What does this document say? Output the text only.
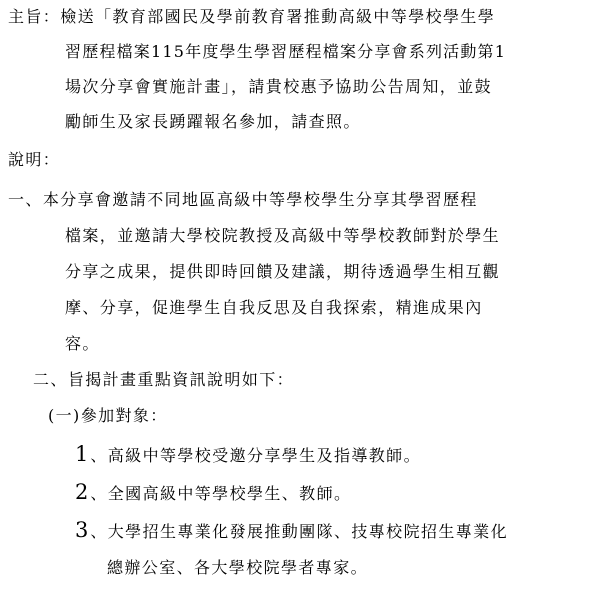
主旨：檢送「教育部國民及學前教育署推動高級中等學校學生學
習歷程檔案115年度學生學習歷程檔案分享會系列活動第1
場次分享會實施計畫」，請貴校惠予協助公告周知，並鼓
勵師生及家長踴躍報名參加，請查照。
說明：
一、本分享會邀請不同地區高級中等學校學生分享其學習歷程
檔案，並邀請大學校院教授及高級中等學校教師對於學生
分享之成果，提供即時回饋及建議，期待透過學生相互觀
摩、分享，促進學生自我反思及自我探索，精進成果內
容。
二、旨揭計畫重點資訊說明如下：
(一)參加對象：
1 、高級中等學校受邀分享學生及指導教師。
2 、全國高級中等學校學生、教師。
3 、大學招生專業化發展推動團隊、技專校院招生專業化
總辦公室、各大學校院學者專家。
